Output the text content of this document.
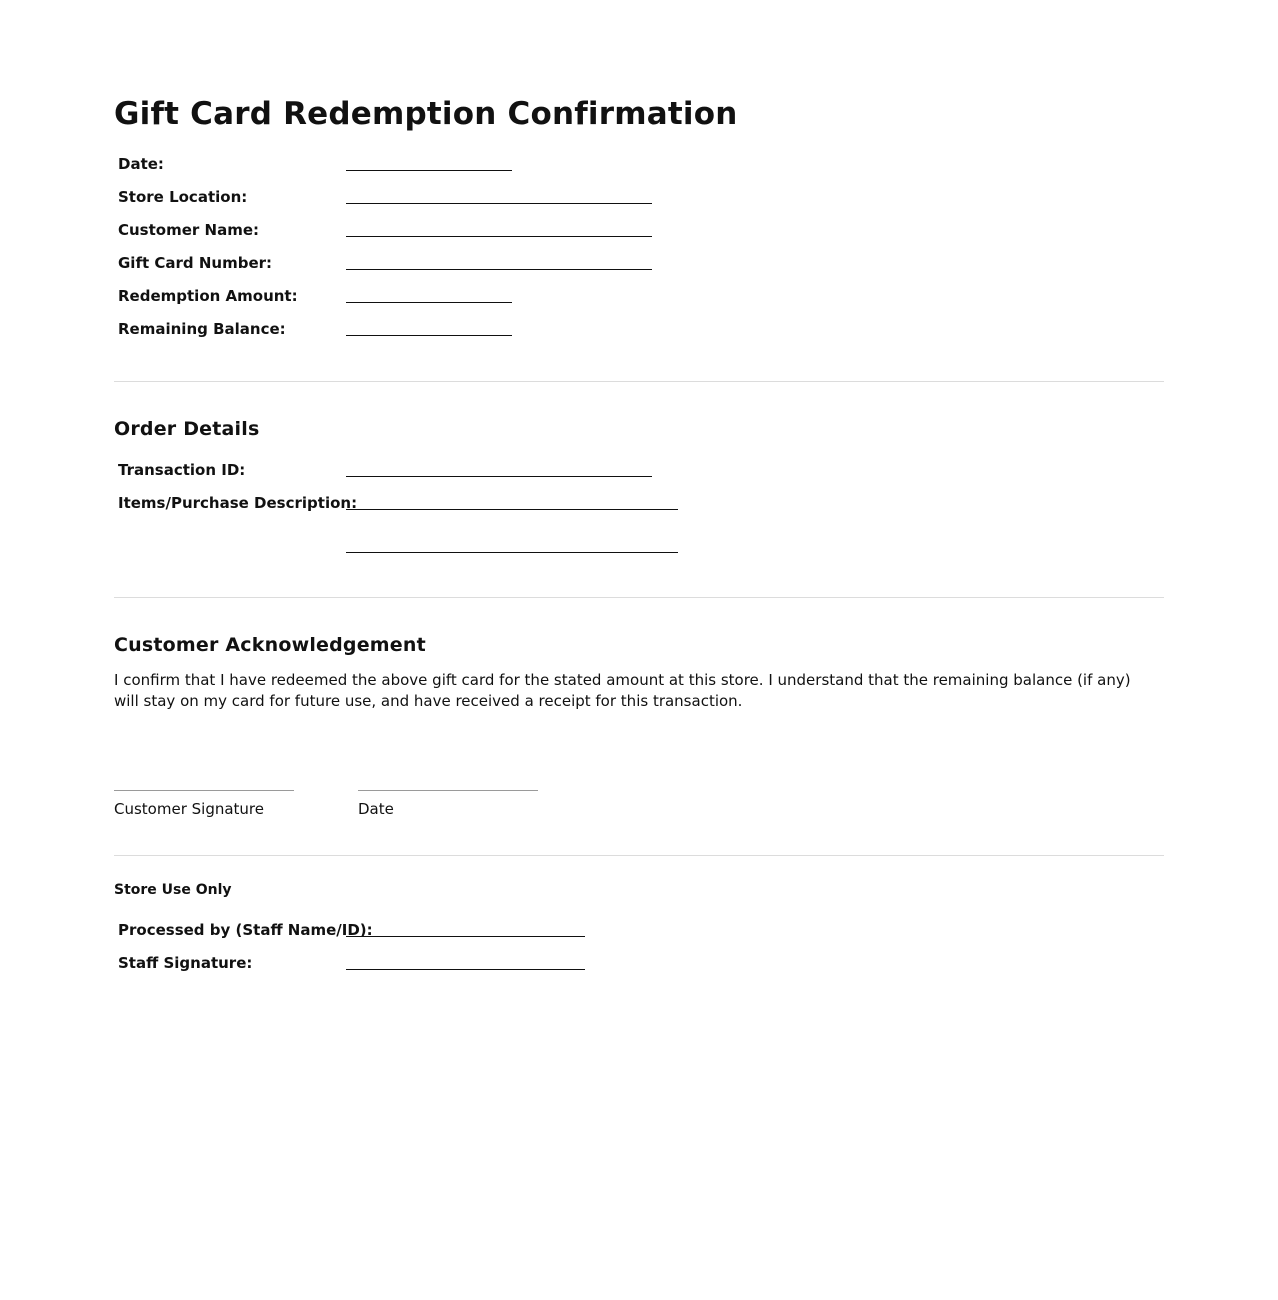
Gift Card Redemption Confirmation
Date:
Store Location:
Customer Name:
Gift Card Number:
Redemption Amount:
Remaining Balance:
Order Details
Transaction ID:
Items/Purchase Description:
Customer Acknowledgement

I confirm that I have redeemed the above gift card for the stated amount at this store. I understand that the remaining balance (if any) will stay on my card for future use, and have received a receipt for this transaction.

Customer Signature	Date
Store Use Only
Processed by (Staff Name/ID):
Staff Signature:
